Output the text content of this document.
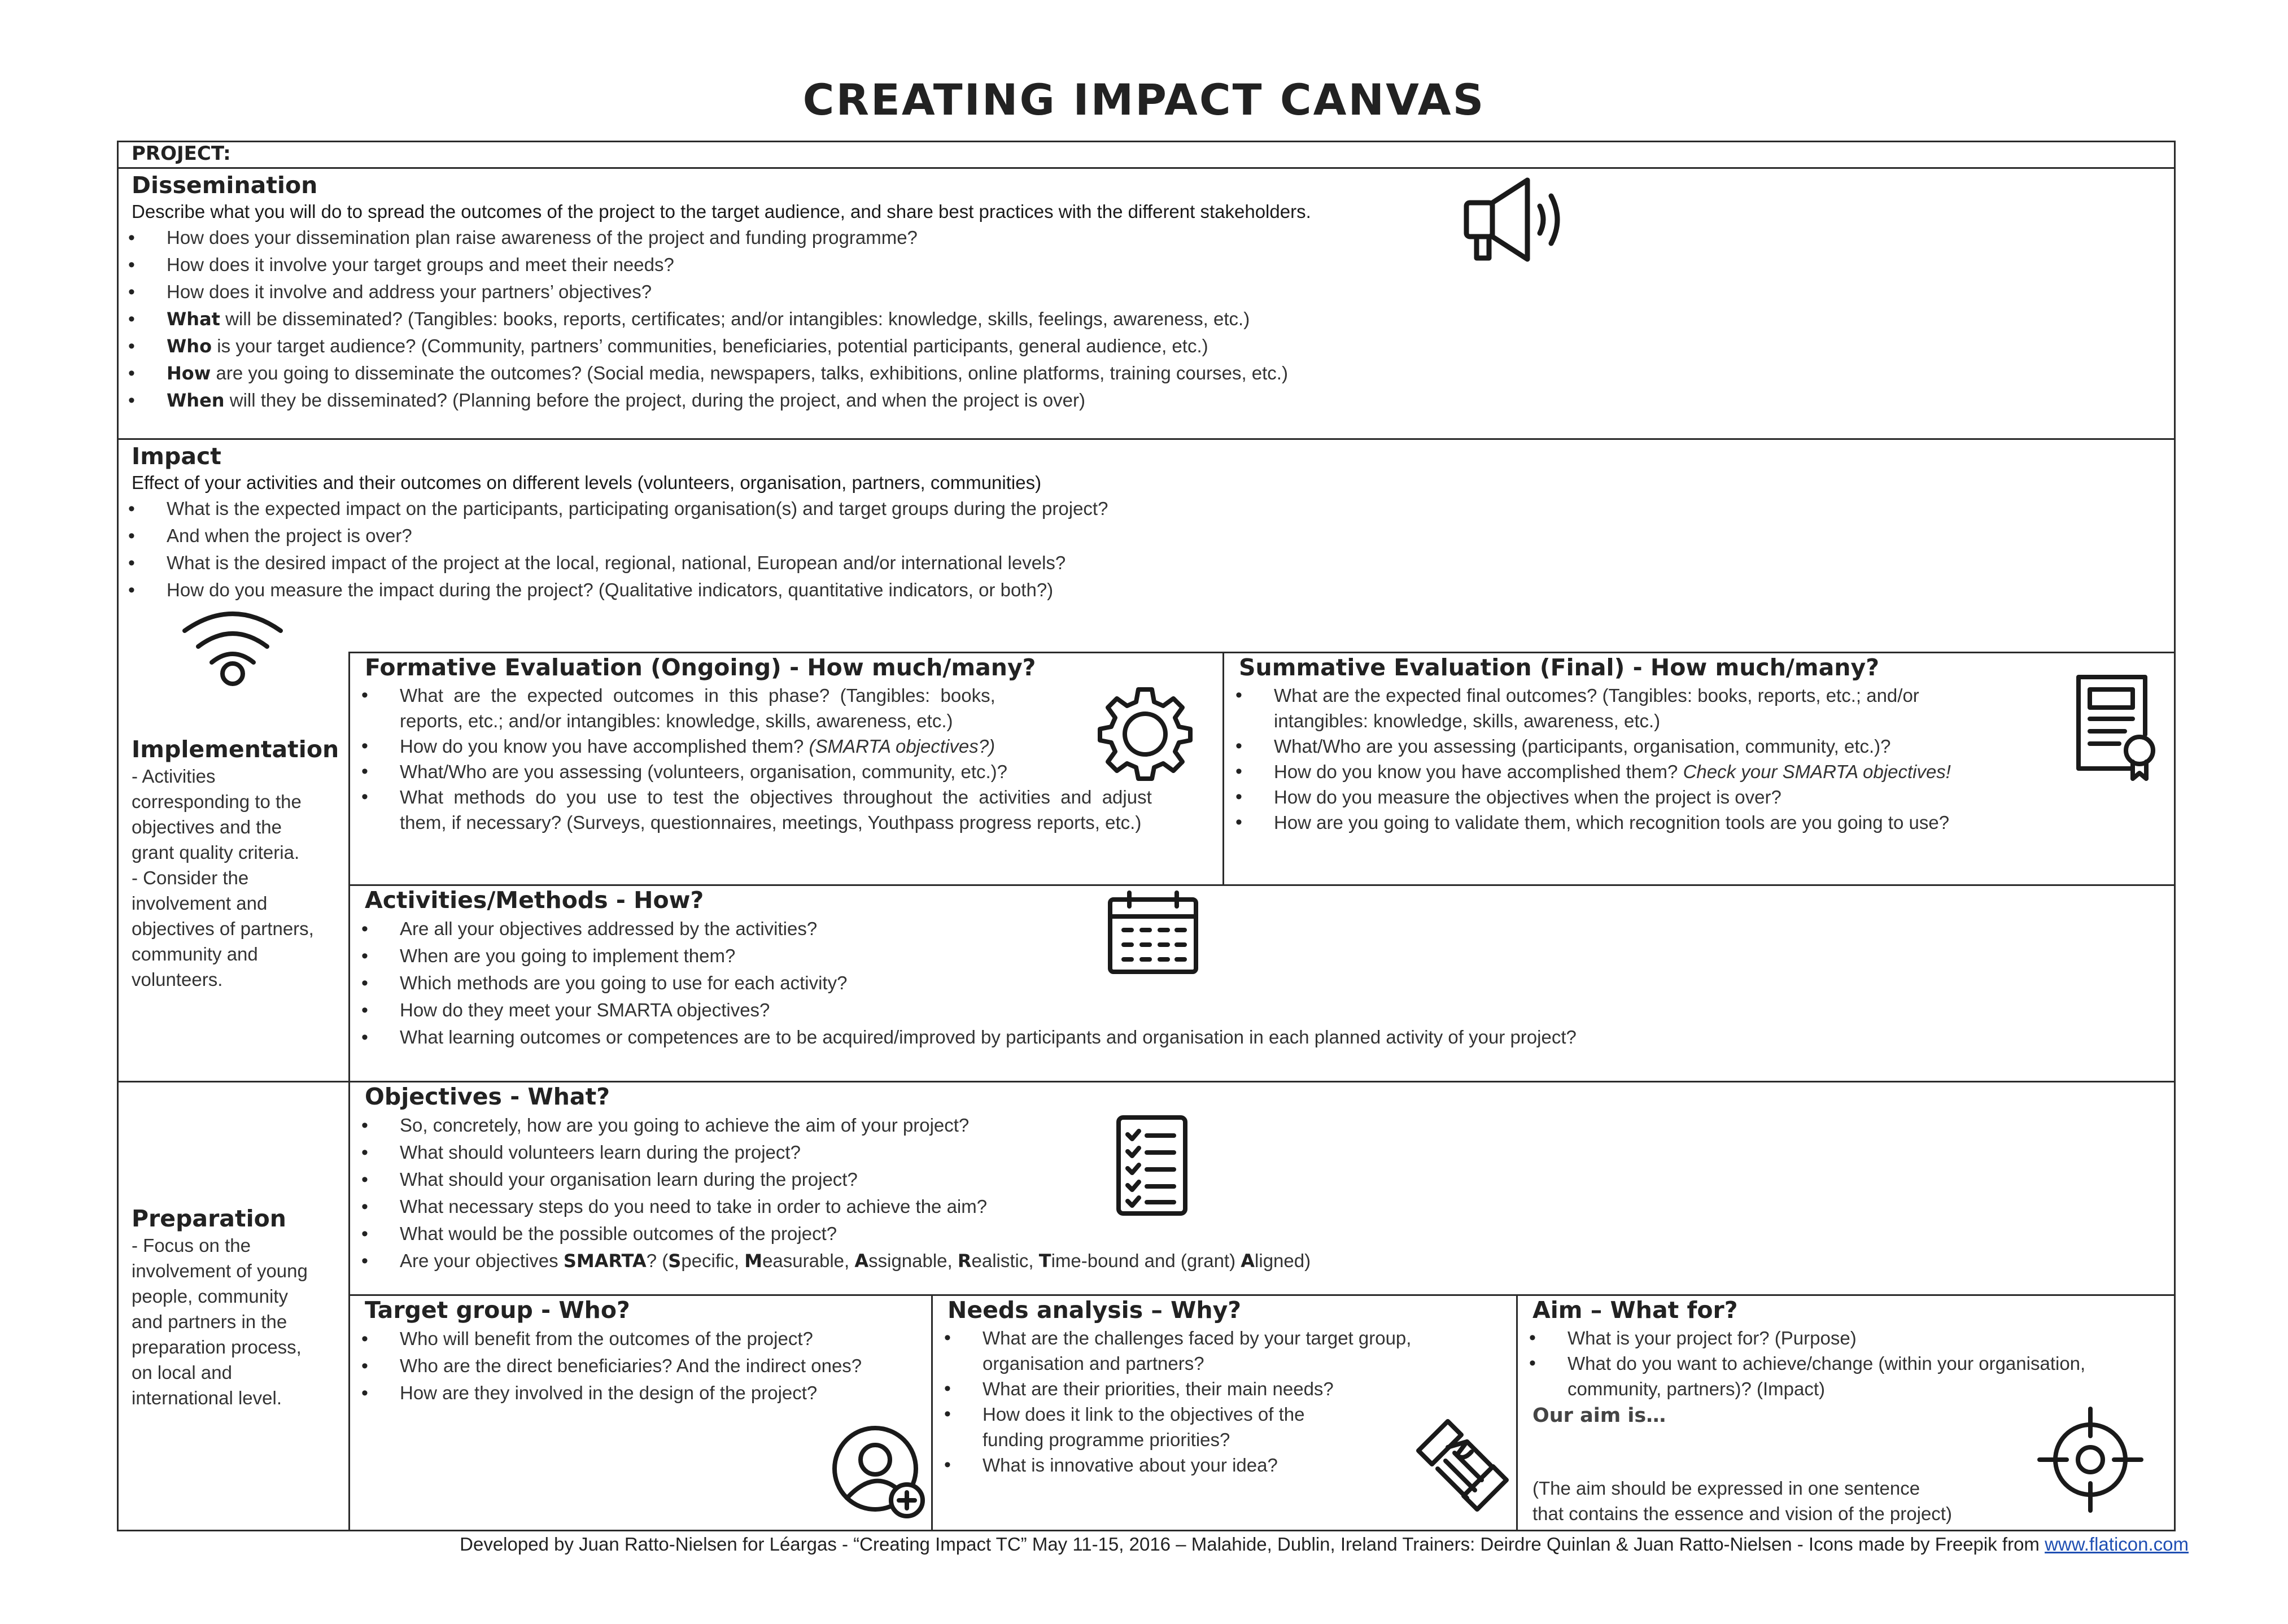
CREATING IMPACT CANVAS
PROJECT:
Dissemination
Describe what you will do to spread the outcomes of the project to the target audience, and share best practices with the different stakeholders.
• How does your dissemination plan raise awareness of the project and funding programme?
• How does it involve your target groups and meet their needs?
• How does it involve and address your partners’ objectives?
• What will be disseminated? (Tangibles: books, reports, certificates; and/or intangibles: knowledge, skills, feelings, awareness, etc.)
• Who is your target audience? (Community, partners’ communities, beneficiaries, potential participants, general audience, etc.)
• How are you going to disseminate the outcomes? (Social media, newspapers, talks, exhibitions, online platforms, training courses, etc.)
• When will they be disseminated? (Planning before the project, during the project, and when the project is over)
Impact
Effect of your activities and their outcomes on different levels (volunteers, organisation, partners, communities)
• What is the expected impact on the participants, participating organisation(s) and target groups during the project?
• And when the project is over?
• What is the desired impact of the project at the local, regional, national, European and/or international levels?
• How do you measure the impact during the project? (Qualitative indicators, quantitative indicators, or both?)
Implementation
- Activities
corresponding to the
objectives and the
grant quality criteria.
- Consider the
involvement and
objectives of partners,
community and
volunteers.
Formative Evaluation (Ongoing) - How much/many?
• What  are  the  expected  outcomes  in  this  phase?  (Tangibles:  books,
reports, etc.; and/or intangibles: knowledge, skills, awareness, etc.)
• How do you know you have accomplished them? (SMARTA objectives?)
• What/Who are you assessing (volunteers, organisation, community, etc.)?
• What  methods  do  you  use  to  test  the  objectives  throughout  the  activities  and  adjust
them, if necessary? (Surveys, questionnaires, meetings, Youthpass progress reports, etc.)
Summative Evaluation (Final) - How much/many?
• What are the expected final outcomes? (Tangibles: books, reports, etc.; and/or
intangibles: knowledge, skills, awareness, etc.)
• What/Who are you assessing (participants, organisation, community, etc.)?
• How do you know you have accomplished them? Check your SMARTA objectives!
• How do you measure the objectives when the project is over?
• How are you going to validate them, which recognition tools are you going to use?
Activities/Methods - How?
• Are all your objectives addressed by the activities?
• When are you going to implement them?
• Which methods are you going to use for each activity?
• How do they meet your SMARTA objectives?
• What learning outcomes or competences are to be acquired/improved by participants and organisation in each planned activity of your project?
Preparation
- Focus on the
involvement of young
people, community
and partners in the
preparation process,
on local and
international level.
Objectives - What?
• So, concretely, how are you going to achieve the aim of your project?
• What should volunteers learn during the project?
• What should your organisation learn during the project?
• What necessary steps do you need to take in order to achieve the aim?
• What would be the possible outcomes of the project?
• Are your objectives SMARTA? (Specific, Measurable, Assignable, Realistic, Time-bound and (grant) Aligned)
Target group - Who?
• Who will benefit from the outcomes of the project?
• Who are the direct beneficiaries? And the indirect ones?
• How are they involved in the design of the project?
Needs analysis – Why?
• What are the challenges faced by your target group,
organisation and partners?
• What are their priorities, their main needs?
• How does it link to the objectives of the
funding programme priorities?
• What is innovative about your idea?
Aim – What for?
• What is your project for? (Purpose)
• What do you want to achieve/change (within your organisation,
community, partners)? (Impact)
Our aim is…
(The aim should be expressed in one sentence
that contains the essence and vision of the project)
Developed by Juan Ratto-Nielsen for Léargas - “Creating Impact TC” May 11-15, 2016 – Malahide, Dublin, Ireland Trainers: Deirdre Quinlan & Juan Ratto-Nielsen - Icons made by Freepik from www.flaticon.com
